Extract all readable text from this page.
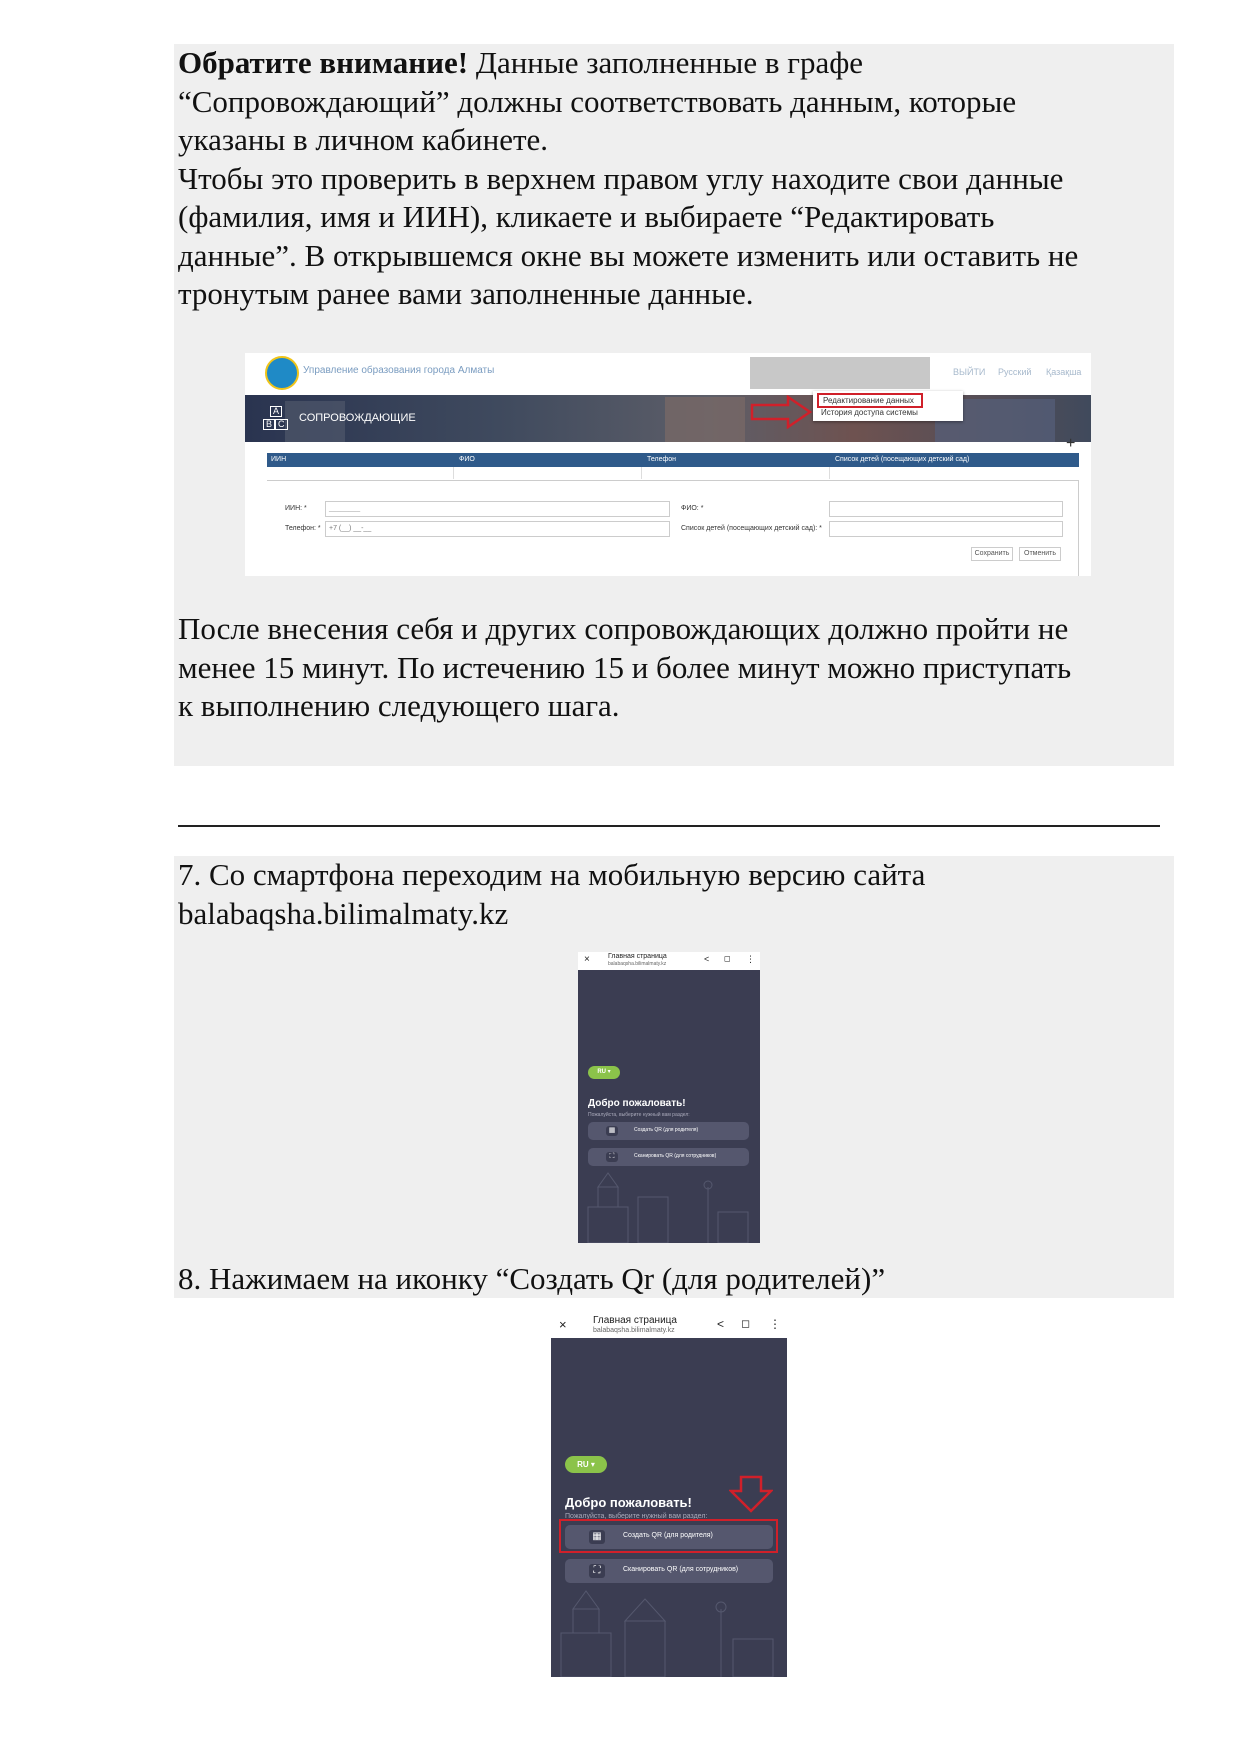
Обратите внимание! Данные заполненные в графе
“Сопровождающий” должны соответствовать данным, которые
указаны в личном кабинете.
Чтобы это проверить в верхнем правом углу находите свои данные
(фамилия, имя и ИИН), кликаете и выбираете “Редактировать
данные”. В открывшемся окне вы можете изменить или оставить не
тронутым ранее вами заполненные данные.

Управление образования города Алматы	ВЫЙТИ Русский Қазақша
А
В С СОПРОВОЖДАЮЩИЕ
Редактирование данных
История доступа системы
+
ИИН	ФИО	Телефон	Список детей (посещающих детский сад)
ИИН: *	________
Телефон: *	+7 (__) __-__
ФИО: *
Список детей (посещающих детский сад): *
Сохранить	Отменить

После внесения себя и других сопровождающих должно пройти не
менее 15 минут. По истечению 15 и более минут можно приступать
к выполнению следующего шага.

7. Со смартфона переходим на мобильную версию сайта
balabaqsha.bilimalmaty.kz

×	Главная страница
balabaqsha.bilimalmaty.kz	< ◻ ⋮
RU ▾
Добро пожаловать!
Пожалуйста, выберите нужный вам раздел:
▦	Создать QR (для родителя)
⛶	Сканировать QR (для сотрудников)

8. Нажимаем на иконку “Создать Qr (для родителей)”

×	Главная страница
balabaqsha.bilimalmaty.kz	< ◻ ⋮
RU ▾
Добро пожаловать!
Пожалуйста, выберите нужный вам раздел:
▦	Создать QR (для родителя)
⛶	Сканировать QR (для сотрудников)
